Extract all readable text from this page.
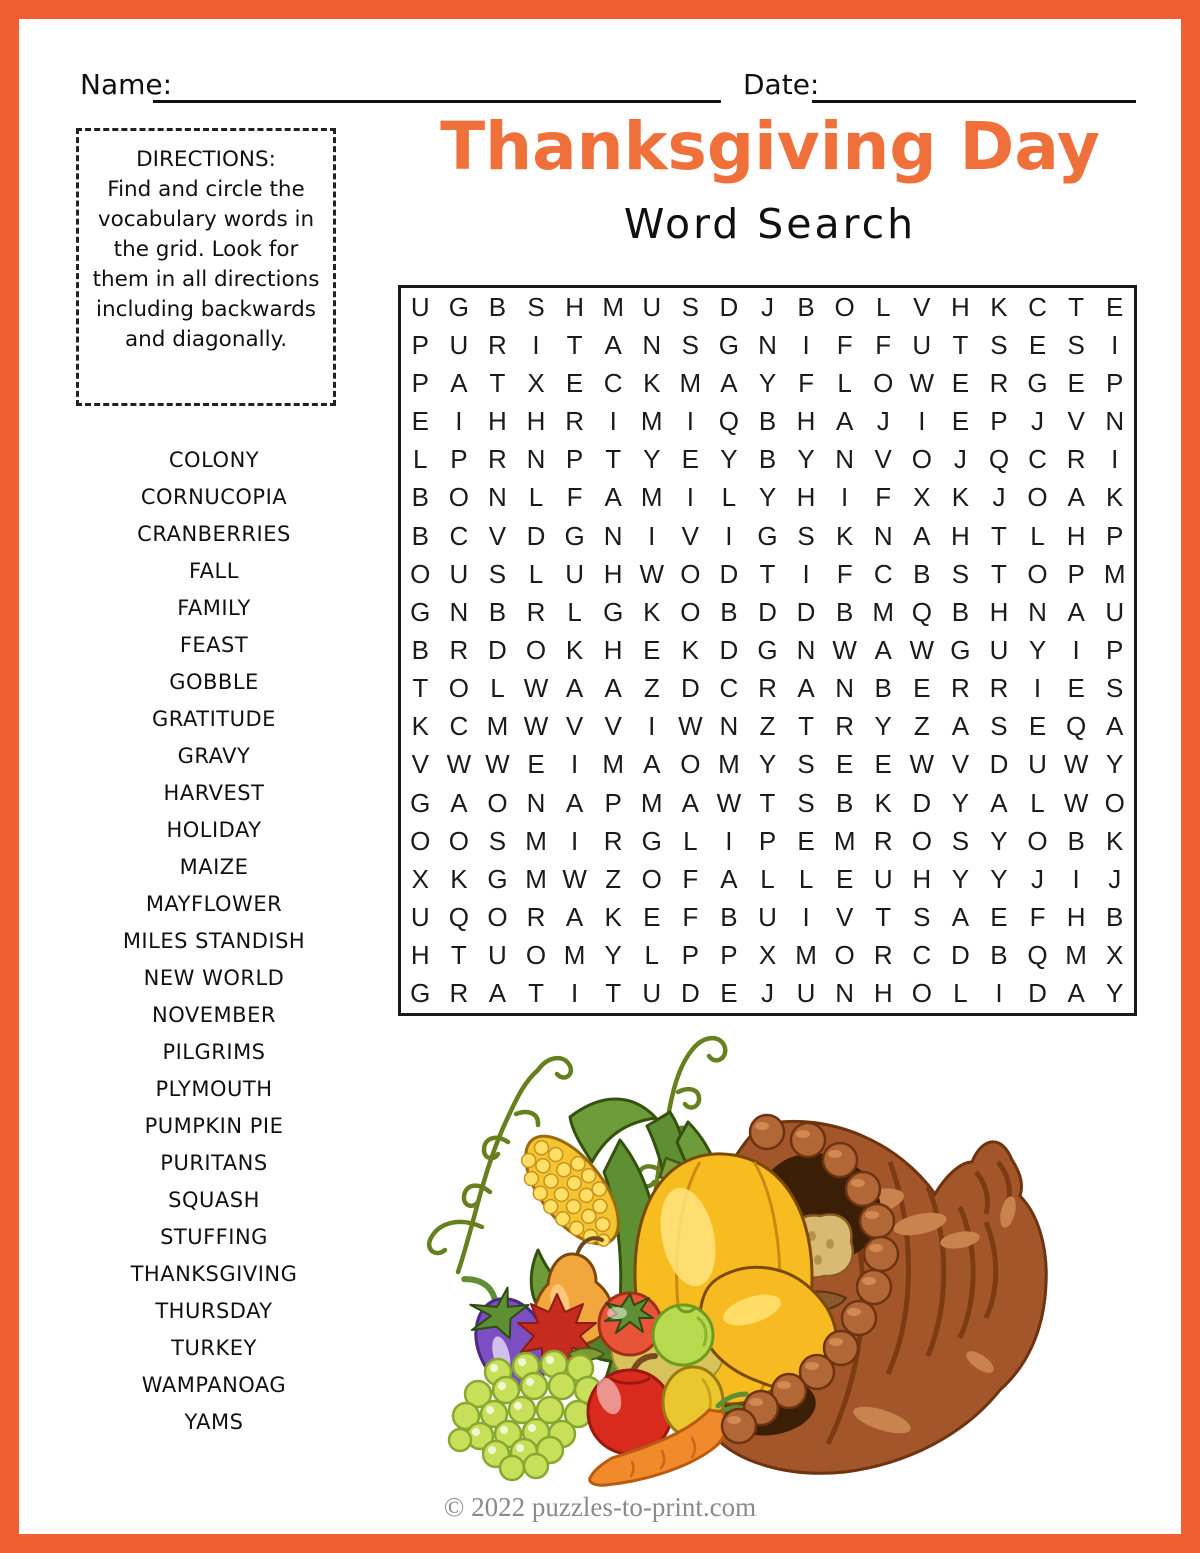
Name:	Date:
Thanksgiving Day
Word Search
DIRECTIONS:
Find and circle the vocabulary words in the grid. Look for them in all directions including backwards and diagonally.
COLONY
CORNUCOPIA
CRANBERRIES
FALL
FAMILY
FEAST
GOBBLE
GRATITUDE
GRAVY
HARVEST
HOLIDAY
MAIZE
MAYFLOWER
MILES STANDISH
NEW WORLD
NOVEMBER
PILGRIMS
PLYMOUTH
PUMPKIN PIE
PURITANS
SQUASH
STUFFING
THANKSGIVING
THURSDAY
TURKEY
WAMPANOAG
YAMS
U G B S H M U S D J B O L V H K C T E
P U R I	T A N S G N I	F F U T S E S	I
P A T X E C K M A Y F L O W E R G E P
E	I H H R I M I Q B H A J	I	E P J V N
L P R N P T Y E Y B Y N V O J Q C R I
B O N L F A M I	L Y H I	F X K J O A K
B C V D G N I	V	I G S K N A H T L H P
O U S L U H W O D T	I	F C B S T O P M
G N B R L G K O B D D B M Q B H N A U
B R D O K H E K D G N W A W G U Y	I	P
T O L W A A Z D C R A N B E R R I	E S
K C M W V V	I W N Z T R Y Z A S E Q A
V W W E	I M A O M Y S E E W V D U W Y
G A O N A P M A W T S B K D Y A L W O
O O S M I R G L	I	P E M R O S Y O B K
X K G M W Z O F A L L E U H Y Y J	I	J
U Q O R A K E F B U I	V T S A E F H B
H T U O M Y L P P X M O R C D B Q M X
G R A T	I	T U D E J U N H O L	I D A Y
© 2022 puzzles-to-print.com
